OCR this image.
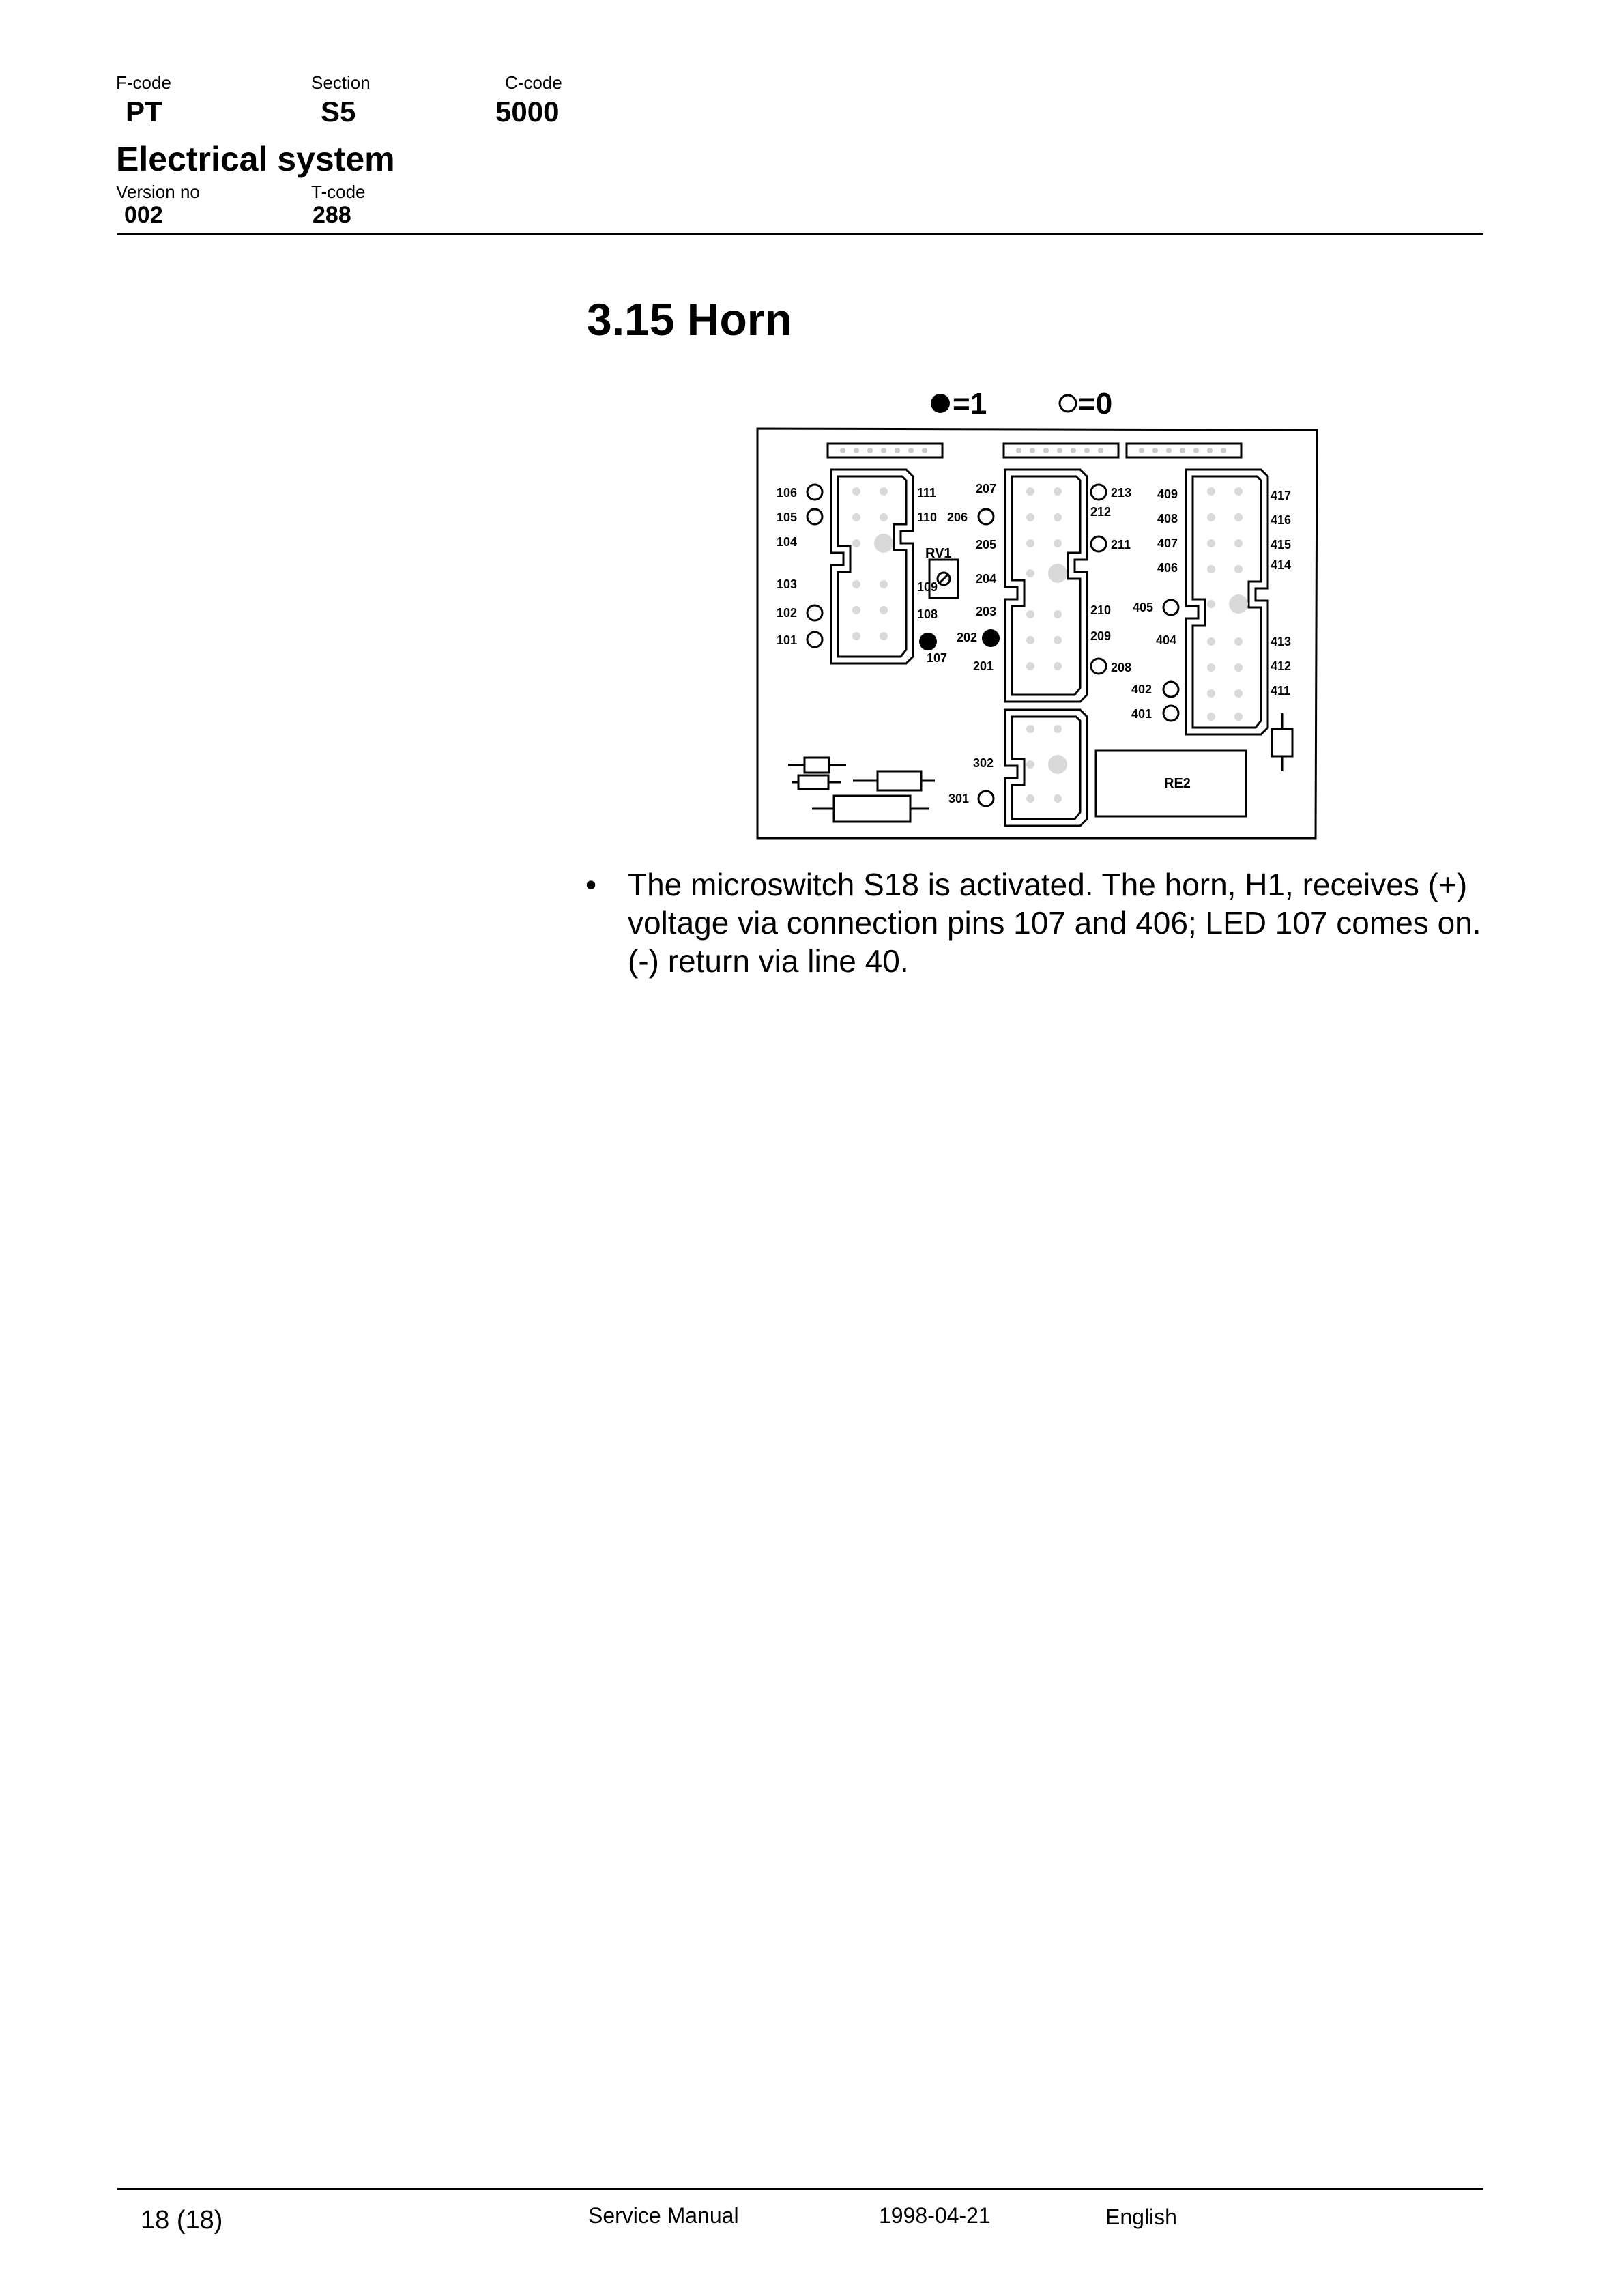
F-code
PT
Section
S5
C-code
5000
Electrical system
Version no
002
T-code
288
3.15 Horn
=1	=0
RV1
RE2
106
105
104
103
102
101
111
110
109
108
107
207
206
205
204
203
202
201
213
212
211
210
209
208
409
408
407
406
405
404
402
401
417
416
415
414
413
412
411
302
301
• The microswitch S18 is activated. The horn, H1, receives (+) voltage via connection pins 107 and 406; LED 107 comes on. (-) return via line 40.
18 (18)	Service Manual	1998-04-21	English
